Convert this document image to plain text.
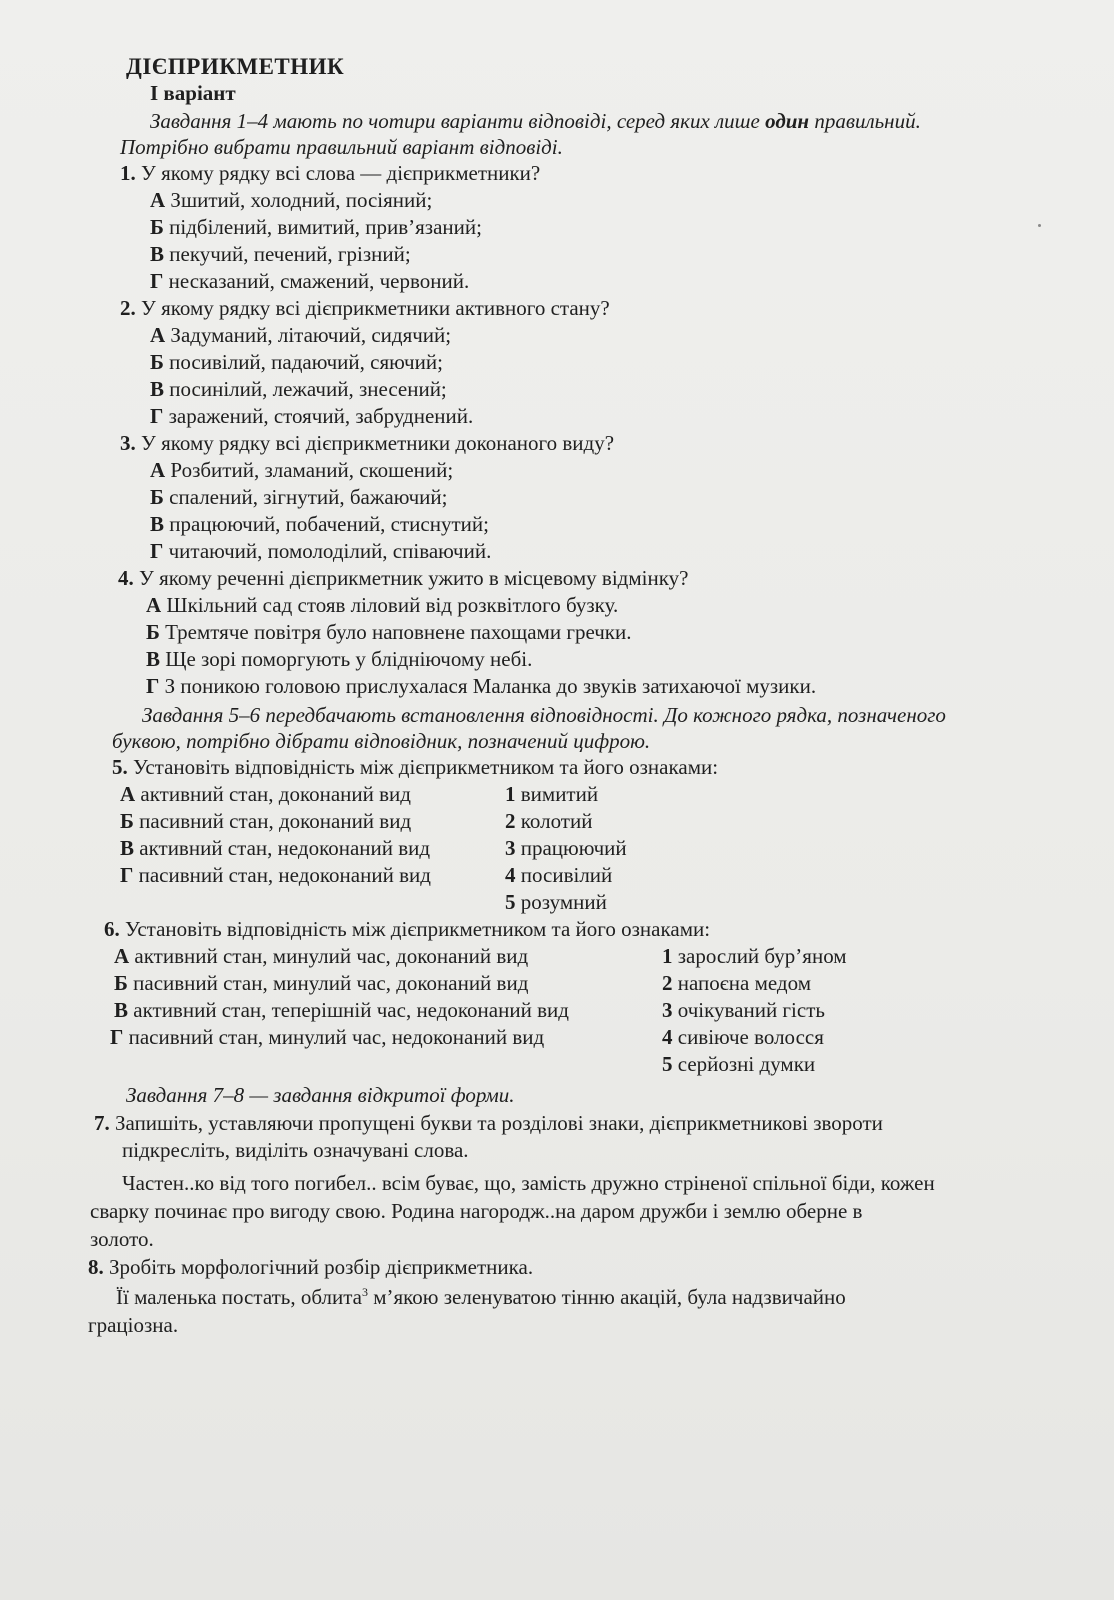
ДІЄПРИКМЕТНИК
І варіант
Завдання 1–4 мають по чотири варіанти відповіді, серед яких лише один правильний.
Потрібно вибрати правильний варіант відповіді.
1. У якому рядку всі слова — дієприкметники?
А Зшитий, холодний, посіяний;
Б підбілений, вимитий, прив’язаний;
В пекучий, печений, грізний;
Г несказаний, смажений, червоний.
2. У якому рядку всі дієприкметники активного стану?
А Задуманий, літаючий, сидячий;
Б посивілий, падаючий, сяючий;
В посинілий, лежачий, знесений;
Г заражений, стоячий, забруднений.
3. У якому рядку всі дієприкметники доконаного виду?
А Розбитий, зламаний, скошений;
Б спалений, зігнутий, бажаючий;
В працюючий, побачений, стиснутий;
Г читаючий, помолоділий, співаючий.
4. У якому реченні дієприкметник ужито в місцевому відмінку?
А Шкільний сад стояв ліловий від розквітлого бузку.
Б Тремтяче повітря було наповнене пахощами гречки.
В Ще зорі поморгують у блідніючому небі.
Г З поникою головою прислухалася Маланка до звуків затихаючої музики.
Завдання 5–6 передбачають встановлення відповідності. До кожного рядка, позначеного
буквою, потрібно дібрати відповідник, позначений цифрою.
5. Установіть відповідність між дієприкметником та його ознаками:
А активний стан, доконаний вид
Б пасивний стан, доконаний вид
В активний стан, недоконаний вид
Г пасивний стан, недоконаний вид
1 вимитий
2 колотий
3 працюючий
4 посивілий
5 розумний
6. Установіть відповідність між дієприкметником та його ознаками:
А активний стан, минулий час, доконаний вид
Б пасивний стан, минулий час, доконаний вид
В активний стан, теперішній час, недоконаний вид
Г пасивний стан, минулий час, недоконаний вид
1 зарослий бур’яном
2 напоєна медом
3 очікуваний гість
4 сивіюче волосся
5 серйозні думки
Завдання 7–8 — завдання відкритої форми.
7. Запишіть, уставляючи пропущені букви та розділові знаки, дієприкметникові звороти
підкресліть, виділіть означувані слова.
Частен..ко від того погибел.. всім буває, що, замість дружно стріненої спільної біди, кожен
сварку починає про вигоду свою. Родина нагородж..на даром дружби і землю оберне в
золото.
8. Зробіть морфологічний розбір дієприкметника.
Її маленька постать, облита$^3$ м’якою зеленуватою тінню акацій, була надзвичайно
граціозна.
